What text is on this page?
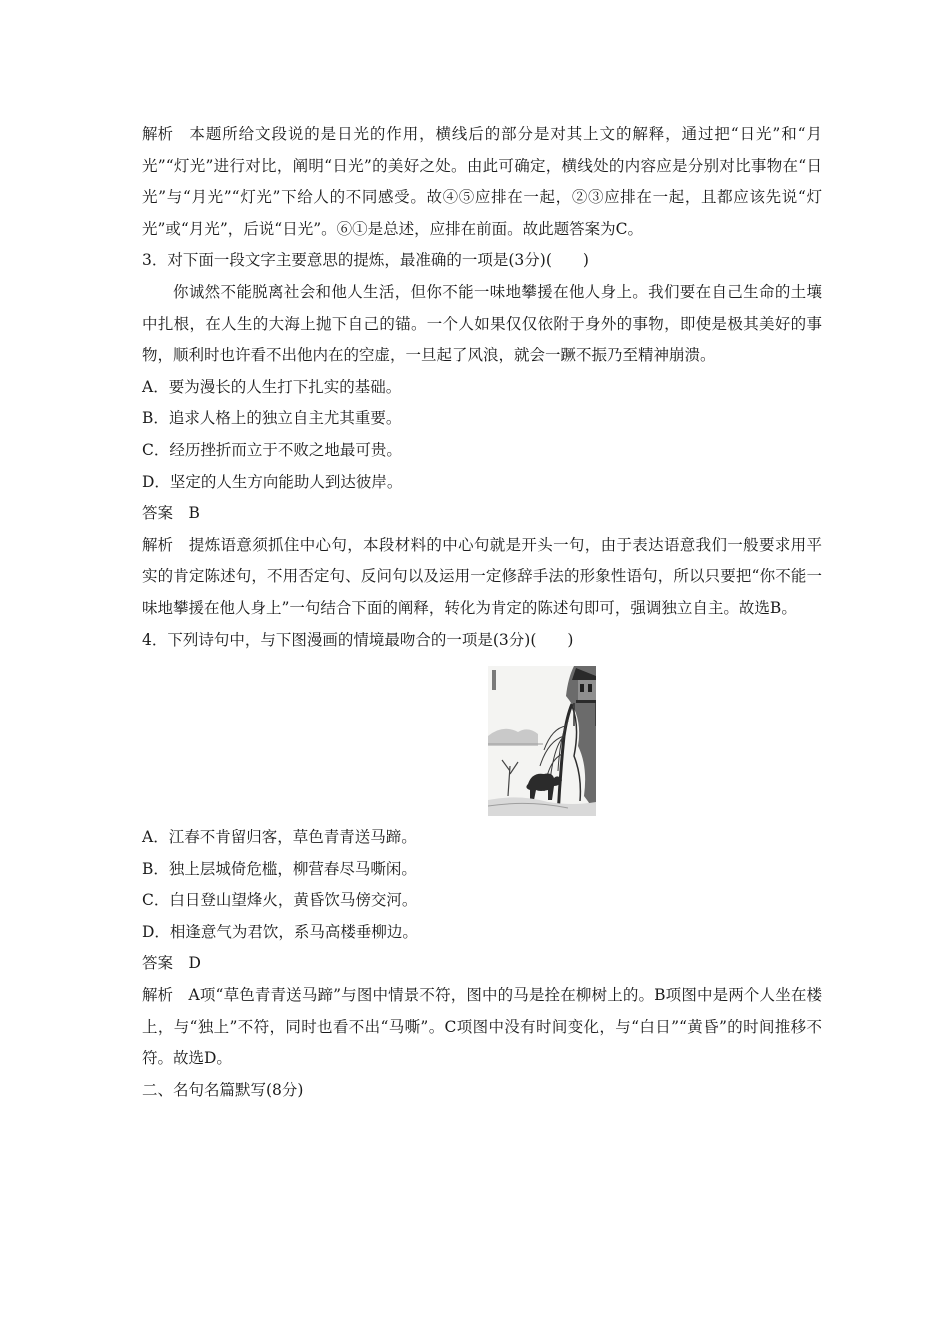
解析 本题所给文段说的是日光的作用，横线后的部分是对其上文的解释，通过把“日光”和“月光”“灯光”进行对比，阐明“日光”的美好之处。由此可确定，横线处的内容应是分别对比事物在“日光”与“月光”“灯光”下给人的不同感受。故④⑤应排在一起，②③应排在一起，且都应该先说“灯光”或“月光”，后说“日光”。⑥①是总述，应排在前面。故此题答案为C。

3．对下面一段文字主要意思的提炼，最准确的一项是(3分)(　　)

你诚然不能脱离社会和他人生活，但你不能一味地攀援在他人身上。我们要在自己生命的土壤中扎根，在人生的大海上抛下自己的锚。一个人如果仅仅依附于身外的事物，即使是极其美好的事物，顺利时也许看不出他内在的空虚，一旦起了风浪，就会一蹶不振乃至精神崩溃。

A．要为漫长的人生打下扎实的基础。

B．追求人格上的独立自主尤其重要。

C．经历挫折而立于不败之地最可贵。

D．坚定的人生方向能助人到达彼岸。

答案 B

解析 提炼语意须抓住中心句，本段材料的中心句就是开头一句，由于表达语意我们一般要求用平实的肯定陈述句，不用否定句、反问句以及运用一定修辞手法的形象性语句，所以只要把“你不能一味地攀援在他人身上”一句结合下面的阐释，转化为肯定的陈述句即可，强调独立自主。故选B。

4．下列诗句中，与下图漫画的情境最吻合的一项是(3分)(　　)

A．江春不肯留归客，草色青青送马蹄。

B．独上层城倚危槛，柳营春尽马嘶闲。

C．白日登山望烽火，黄昏饮马傍交河。

D．相逢意气为君饮，系马高楼垂柳边。

答案 D

解析 A项“草色青青送马蹄”与图中情景不符，图中的马是拴在柳树上的。B项图中是两个人坐在楼上，与“独上”不符，同时也看不出“马嘶”。C项图中没有时间变化，与“白日”“黄昏”的时间推移不符。故选D。

二、名句名篇默写(8分)
